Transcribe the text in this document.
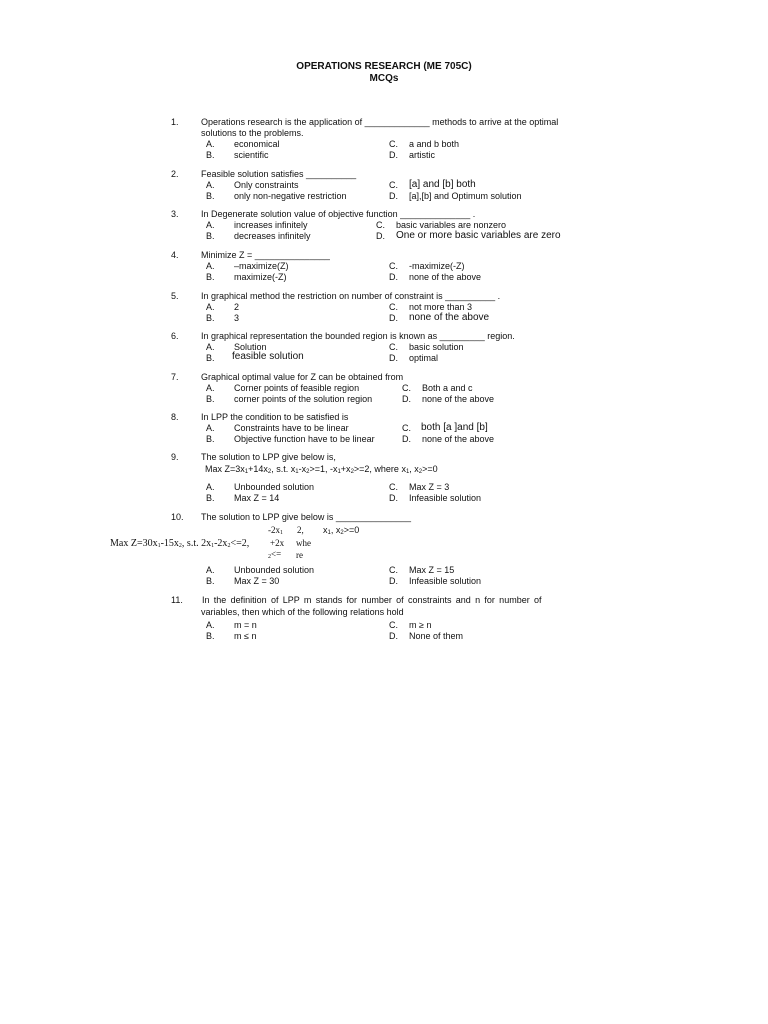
OPERATIONS RESEARCH (ME 705C)
MCQs
1. Operations research is the application of _____________ methods to arrive at the optimal solutions to the problems.
A. economical
B. scientific
C. a and b both
D. artistic
2. Feasible solution satisfies __________
A. Only constraints
B. only non-negative restriction
C. [a] and [b] both
D. [a],[b] and Optimum solution
3. In Degenerate solution value of objective function ______________ .
A. increases infinitely
B. decreases infinitely
C. basic variables are nonzero
D. One or more basic variables are zero
4. Minimize Z = _______________
A. –maximize(Z)
B. maximize(-Z)
C. -maximize(-Z)
D. none of the above
5. In graphical method the restriction on number of constraint is __________ .
A. 2
B. 3
C. not more than 3
D. none of the above
6. In graphical representation the bounded region is known as _________ region.
A. Solution
B. feasible solution
C. basic solution
D. optimal
7. Graphical optimal value for Z can be obtained from
A. Corner points of feasible region
B. corner points of the solution region
C. Both a and c
D. none of the above
8. In LPP the condition to be satisfied is
A. Constraints have to be linear
B. Objective function have to be linear
C. both [a ]and [b]
D. none of the above
9. The solution to LPP give below is,
Max $Z=3x_1+14x_2$, s.t. $x_1-x_2>=1$, $-x_1+x_2>=2$, where $x_1$, $x_2>=0$
A. Unbounded solution
B. Max Z = 14
C. Max Z = 3
D. Infeasible solution
10. The solution to LPP give below is _______________
$-2x_1$ 2, $x_1$, $x_2>=0$
Max $Z=30x_1-15x_2$, s.t. $2x_1-2x_2<=2$, +2x whe
$_2$<= re
A. Unbounded solution
B. Max Z = 30
C. Max Z = 15
D. Infeasible solution
11. In the definition of LPP m stands for number of constraints and n for number of
variables, then which of the following relations hold
A. m = n
B. m ≤ n
C. m ≥ n
D. None of them
